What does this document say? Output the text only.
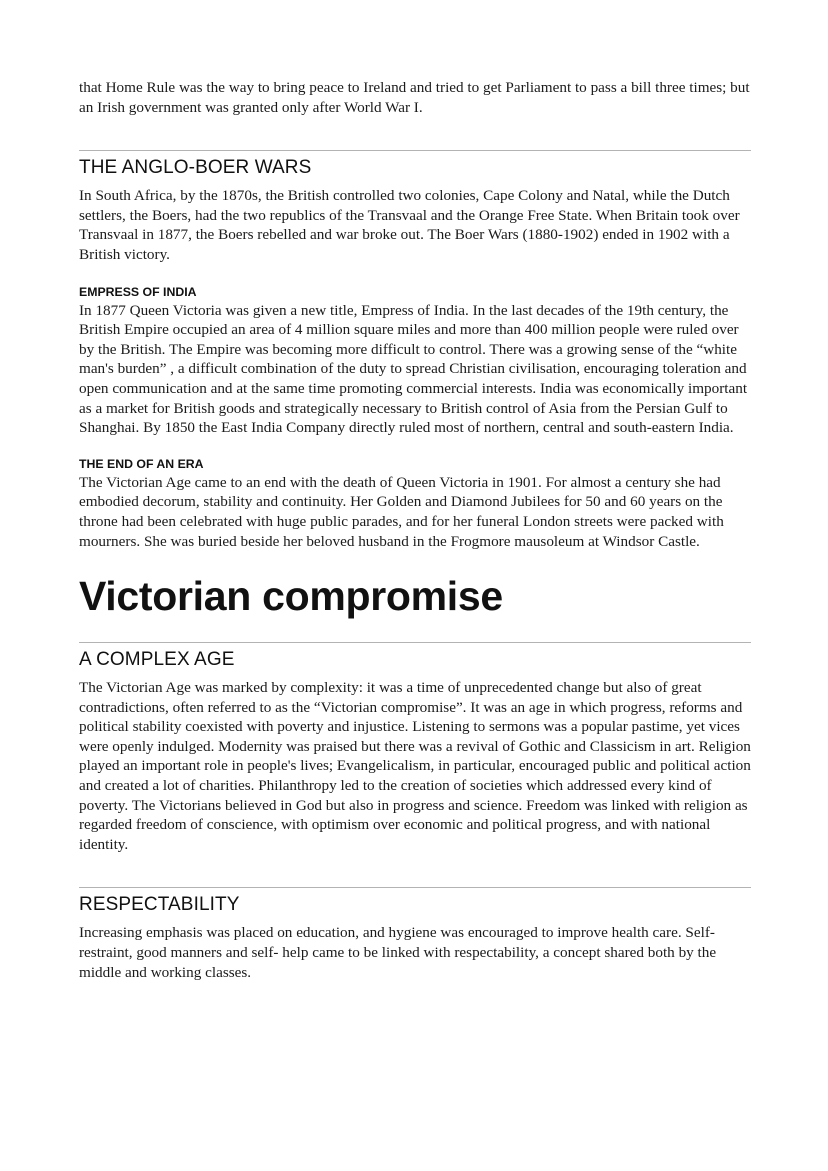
that Home Rule was the way to bring peace to Ireland and tried to get Parliament to pass a bill three times; but an Irish government was granted only after World War I.

THE ANGLO-BOER WARS

In South Africa, by the 1870s, the British controlled two colonies, Cape Colony and Natal, while the Dutch settlers, the Boers, had the two republics of the Transvaal and the Orange Free State. When Britain took over Transvaal in 1877, the Boers rebelled and war broke out. The Boer Wars (1880-1902) ended in 1902 with a British victory.

EMPRESS OF INDIA

In 1877 Queen Victoria was given a new title, Empress of India. In the last decades of the 19th century, the British Empire occupied an area of 4 million square miles and more than 400 million people were ruled over by the British. The Empire was becoming more difficult to control. There was a growing sense of the “white man's burden” , a difficult combination of the duty to spread Christian civilisation, encouraging toleration and open communication and at the same time promoting commercial interests. India was economically important as a market for British goods and strategically necessary to British control of Asia from the Persian Gulf to Shanghai. By 1850 the East India Company directly ruled most of northern, central and south-eastern India.

THE END OF AN ERA

The Victorian Age came to an end with the death of Queen Victoria in 1901. For almost a century she had embodied decorum, stability and continuity. Her Golden and Diamond Jubilees for 50 and 60 years on the throne had been celebrated with huge public parades, and for her funeral London streets were packed with mourners. She was buried beside her beloved husband in the Frogmore mausoleum at Windsor Castle.

Victorian compromise
A COMPLEX AGE

The Victorian Age was marked by complexity: it was a time of unprecedented change but also of great contradictions, often referred to as the “Victorian compromise”. It was an age in which progress, reforms and political stability coexisted with poverty and injustice. Listening to sermons was a popular pastime, yet vices were openly indulged. Modernity was praised but there was a revival of Gothic and Classicism in art. Religion played an important role in people's lives; Evangelicalism, in particular, encouraged public and political action and created a lot of charities. Philanthropy led to the creation of societies which addressed every kind of poverty. The Victorians believed in God but also in progress and science. Freedom was linked with religion as regarded freedom of conscience, with optimism over economic and political progress, and with national identity.

RESPECTABILITY

Increasing emphasis was placed on education, and hygiene was encouraged to improve health care. Self-restraint, good manners and self- help came to be linked with respectability, a concept shared both by the middle and working classes.
